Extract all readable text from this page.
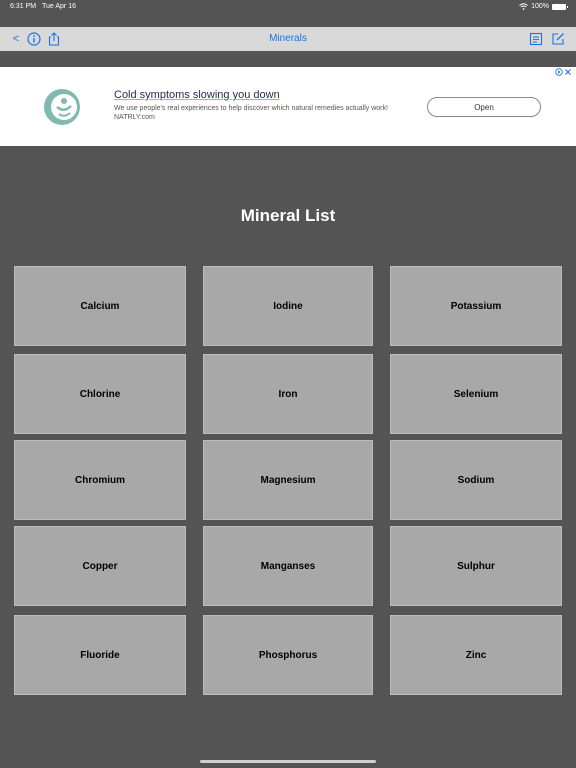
6:31 PM Tue Apr 16	100%
<	Minerals
Cold symptoms slowing you down
We use people's real experiences to help discover which natural remedies actually work! NATRLY.com
Open
Mineral List
Calcium	Iodine	Potassium
Chlorine	Iron	Selenium
Chromium	Magnesium	Sodium
Copper	Manganses	Sulphur
Fluoride	Phosphorus	Zinc
